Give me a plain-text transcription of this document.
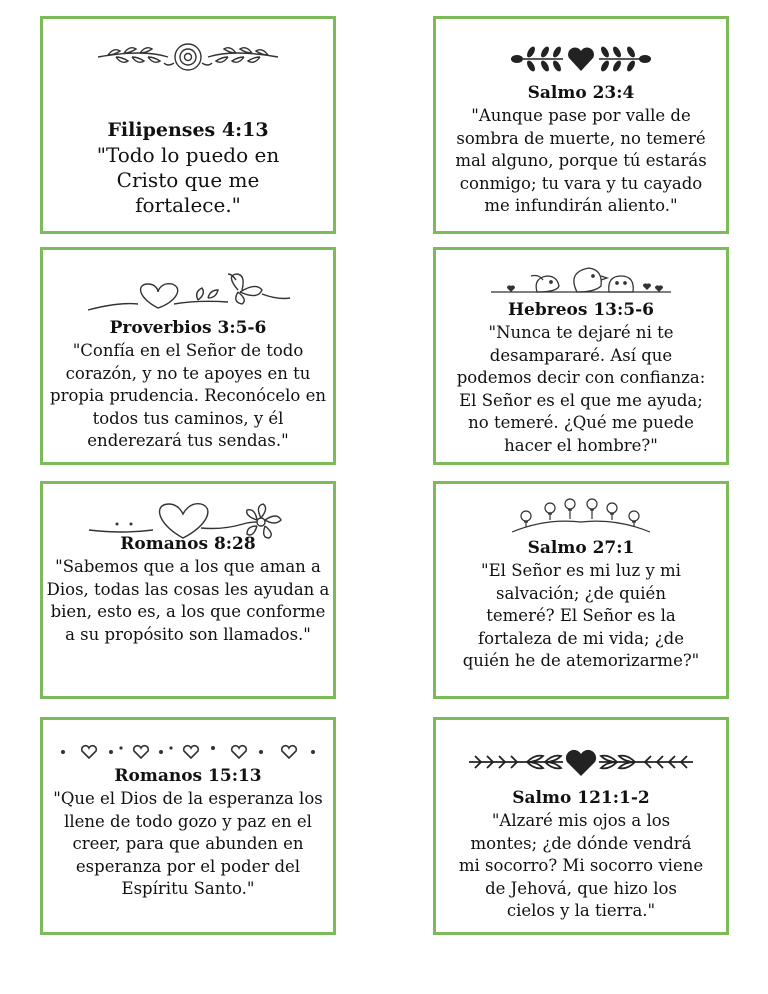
Filipenses 4:13
"Todo lo puedo en Cristo que me fortalece."
Salmo 23:4
"Aunque pase por valle de sombra de muerte, no temeré mal alguno, porque tú estarás conmigo; tu vara y tu cayado me infundirán aliento."
Proverbios 3:5-6
"Confía en el Señor de todo corazón, y no te apoyes en tu propia prudencia. Reconócelo en todos tus caminos, y él enderezará tus sendas."
Hebreos 13:5-6
"Nunca te dejaré ni te desampararé. Así que podemos decir con confianza: El Señor es el que me ayuda; no temeré. ¿Qué me puede hacer el hombre?"
Romanos 8:28
"Sabemos que a los que aman a Dios, todas las cosas les ayudan a bien, esto es, a los que conforme a su propósito son llamados."
Salmo 27:1
"El Señor es mi luz y mi salvación; ¿de quién temeré? El Señor es la fortaleza de mi vida; ¿de quién he de atemorizarme?"
Romanos 15:13
"Que el Dios de la esperanza los llene de todo gozo y paz en el creer, para que abunden en esperanza por el poder del Espíritu Santo."
Salmo 121:1-2
"Alzaré mis ojos a los montes; ¿de dónde vendrá mi socorro? Mi socorro viene de Jehová, que hizo los cielos y la tierra."
